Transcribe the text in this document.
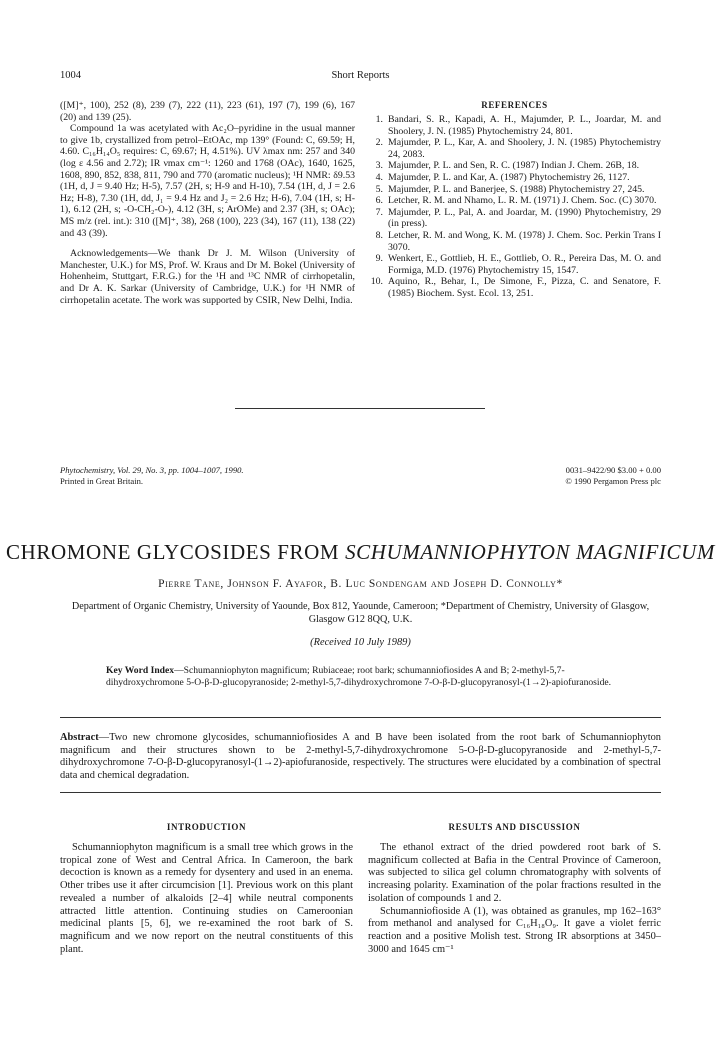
1004	Short Reports

([M]⁺, 100), 252 (8), 239 (7), 222 (11), 223 (61), 197 (7), 199 (6), 167 (20) and 139 (25).

Compound 1a was acetylated with Ac₂O–pyridine in the usual manner to give 1b, crystallized from petrol–EtOAc, mp 139° (Found: C, 69.59; H, 4.60. C₁₆H₁₄O₅ requires: C, 69.67; H, 4.51%). UV λmax nm: 257 and 340 (log ε 4.56 and 2.72); IR νmax cm⁻¹: 1260 and 1768 (OAc), 1640, 1625, 1608, 890, 852, 838, 811, 790 and 770 (aromatic nucleus); ¹H NMR: δ9.53 (1H, d, J = 9.40 Hz; H-5), 7.57 (2H, s; H-9 and H-10), 7.54 (1H, d, J = 2.6 Hz; H-8), 7.30 (1H, dd, J₁ = 9.4 Hz and J₂ = 2.6 Hz; H-6), 7.04 (1H, s; H-1), 6.12 (2H, s; -O-CH₂-O-), 4.12 (3H, s; ArOMe) and 2.37 (3H, s; OAc); MS m/z (rel. int.): 310 ([M]⁺, 38), 268 (100), 223 (34), 167 (11), 138 (22) and 43 (39).

Acknowledgements—We thank Dr J. M. Wilson (University of Manchester, U.K.) for MS, Prof. W. Kraus and Dr M. Bokel (University of Hohenheim, Stuttgart, F.R.G.) for the ¹H and ¹³C NMR of cirrhopetalin, and Dr A. K. Sarkar (University of Cambridge, U.K.) for ¹H NMR of cirrhopetalin acetate. The work was supported by CSIR, New Delhi, India.

REFERENCES
1. Bandari, S. R., Kapadi, A. H., Majumder, P. L., Joardar, M. and Shoolery, J. N. (1985) Phytochemistry 24, 801.
2. Majumder, P. L., Kar, A. and Shoolery, J. N. (1985) Phytochemistry 24, 2083.
3. Majumder, P. L. and Sen, R. C. (1987) Indian J. Chem. 26B, 18.
4. Majumder, P. L. and Kar, A. (1987) Phytochemistry 26, 1127.
5. Majumder, P. L. and Banerjee, S. (1988) Phytochemistry 27, 245.
6. Letcher, R. M. and Nhamo, L. R. M. (1971) J. Chem. Soc. (C) 3070.
7. Majumder, P. L., Pal, A. and Joardar, M. (1990) Phytochemistry, 29 (in press).
8. Letcher, R. M. and Wong, K. M. (1978) J. Chem. Soc. Perkin Trans I 3070.
9. Wenkert, E., Gottlieb, H. E., Gottlieb, O. R., Pereira Das, M. O. and Formiga, M.D. (1976) Phytochemistry 15, 1547.
10. Aquino, R., Behar, I., De Simone, F., Pizza, C. and Senatore, F. (1985) Biochem. Syst. Ecol. 13, 251.
Phytochemistry, Vol. 29, No. 3, pp. 1004–1007, 1990.
Printed in Great Britain.
0031–9422/90 $3.00 + 0.00
© 1990 Pergamon Press plc
CHROMONE GLYCOSIDES FROM SCHUMANNIOPHYTON MAGNIFICUM
Pierre Tane, Johnson F. Ayafor, B. Luc Sondengam and Joseph D. Connolly*
Department of Organic Chemistry, University of Yaounde, Box 812, Yaounde, Cameroon; *Department of Chemistry, University of Glasgow, Glasgow G12 8QQ, U.K.
(Received 10 July 1989)
Key Word Index—Schumanniophyton magnificum; Rubiaceae; root bark; schumanniofiosides A and B; 2-methyl-5,7-dihydroxychromone 5-O-β-D-glucopyranoside; 2-methyl-5,7-dihydroxychromone 7-O-β-D-glucopyranosyl-(1→2)-apiofuranoside.
Abstract—Two new chromone glycosides, schumanniofiosides A and B have been isolated from the root bark of Schumanniophyton magnificum and their structures shown to be 2-methyl-5,7-dihydroxychromone 5-O-β-D-glucopyranoside and 2-methyl-5,7-dihydroxychromone 7-O-β-D-glucopyranosyl-(1→2)-apiofuranoside, respectively. The structures were elucidated by a combination of spectral data and chemical degradation.
INTRODUCTION

Schumanniophyton magnificum is a small tree which grows in the tropical zone of West and Central Africa. In Cameroon, the bark decoction is known as a remedy for dysentery and used in an enema. Other tribes use it after circumcision [1]. Previous work on this plant revealed a number of alkaloids [2–4] while neutral components attracted little attention. Continuing studies on Cameroonian medicinal plants [5, 6], we re-examined the root bark of S. magnificum and we now report on the neutral constituents of this plant.

RESULTS AND DISCUSSION

The ethanol extract of the dried powdered root bark of S. magnificum collected at Bafia in the Central Province of Cameroon, was subjected to silica gel column chromatography with solvents of increasing polarity. Examination of the polar fractions resulted in the isolation of compounds 1 and 2.

Schumanniofioside A (1), was obtained as granules, mp 162–163° from methanol and analysed for C₁₆H₁₈O₉. It gave a violet ferric reaction and a positive Molish test. Strong IR absorptions at 3450–3000 and 1645 cm⁻¹
